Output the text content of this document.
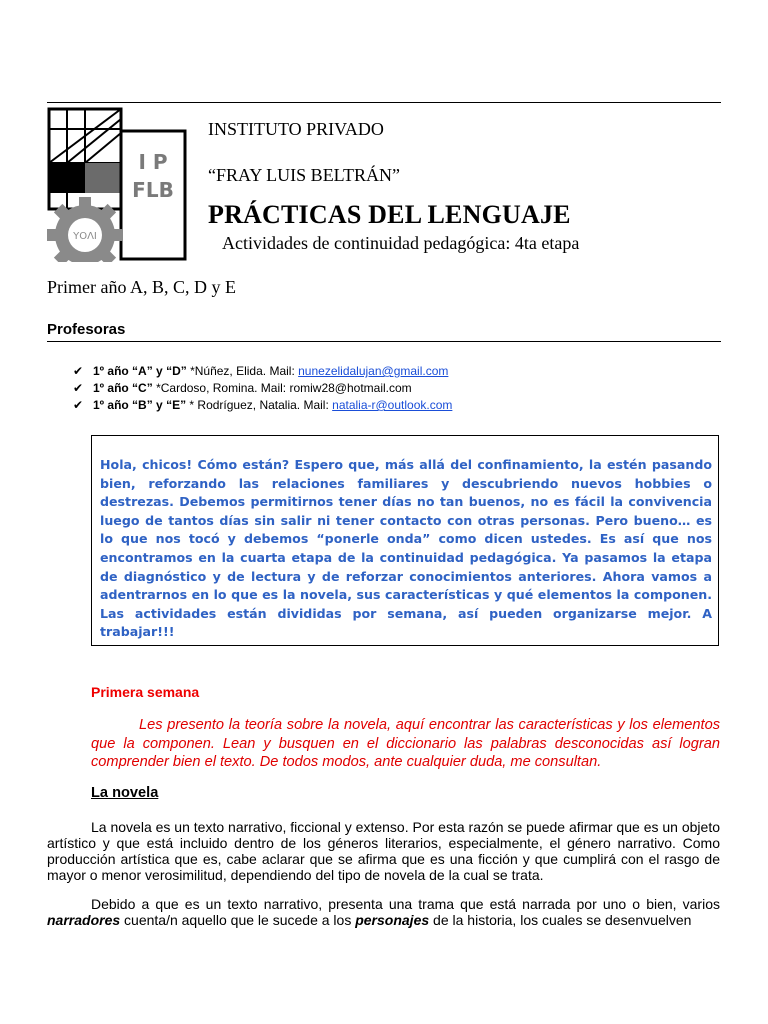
I P
FLB
ΥΟΛΙ
INSTITUTO PRIVADO
“FRAY LUIS BELTRÁN”
PRÁCTICAS DEL LENGUAJE
Actividades de continuidad pedagógica: 4ta etapa
Primer año A, B, C, D y E
Profesoras
✔ 1º año “A” y “D” *Núñez, Elida. Mail: nunezelidalujan@gmail.com
✔ 1º año “C” *Cardoso, Romina. Mail: romiw28@hotmail.com
✔ 1º año “B” y “E” * Rodríguez, Natalia. Mail: natalia-r@outlook.com

Hola, chicos! Cómo están? Espero que, más allá del confinamiento, la estén pasando bien, reforzando las relaciones familiares y descubriendo nuevos hobbies o destrezas. Debemos permitirnos tener días no tan buenos, no es fácil la convivencia luego de tantos días sin salir ni tener contacto con otras personas. Pero bueno… es lo que nos tocó y debemos “ponerle onda” como dicen ustedes. Es así que nos encontramos en la cuarta etapa de la continuidad pedagógica. Ya pasamos la etapa de diagnóstico y de lectura y de reforzar conocimientos anteriores. Ahora vamos a adentrarnos en lo que es la novela, sus características y qué elementos la componen. Las actividades están divididas por semana, así pueden organizarse mejor. A trabajar!!!

Primera semana

Les presento la teoría sobre la novela, aquí encontrar las características y los elementos que la componen. Lean y busquen en el diccionario las palabras desconocidas así logran comprender bien el texto. De todos modos, ante cualquier duda, me consultan.

La novela

La novela es un texto narrativo, ficcional y extenso. Por esta razón se puede afirmar que es un objeto artístico y que está incluido dentro de los géneros literarios, especialmente, el género narrativo. Como producción artística que es, cabe aclarar que se afirma que es una ficción y que cumplirá con el rasgo de mayor o menor verosimilitud, dependiendo del tipo de novela de la cual se trata.

Debido a que es un texto narrativo, presenta una trama que está narrada por uno o bien, varios narradores cuenta/n aquello que le sucede a los personajes de la historia, los cuales se desenvuelven
